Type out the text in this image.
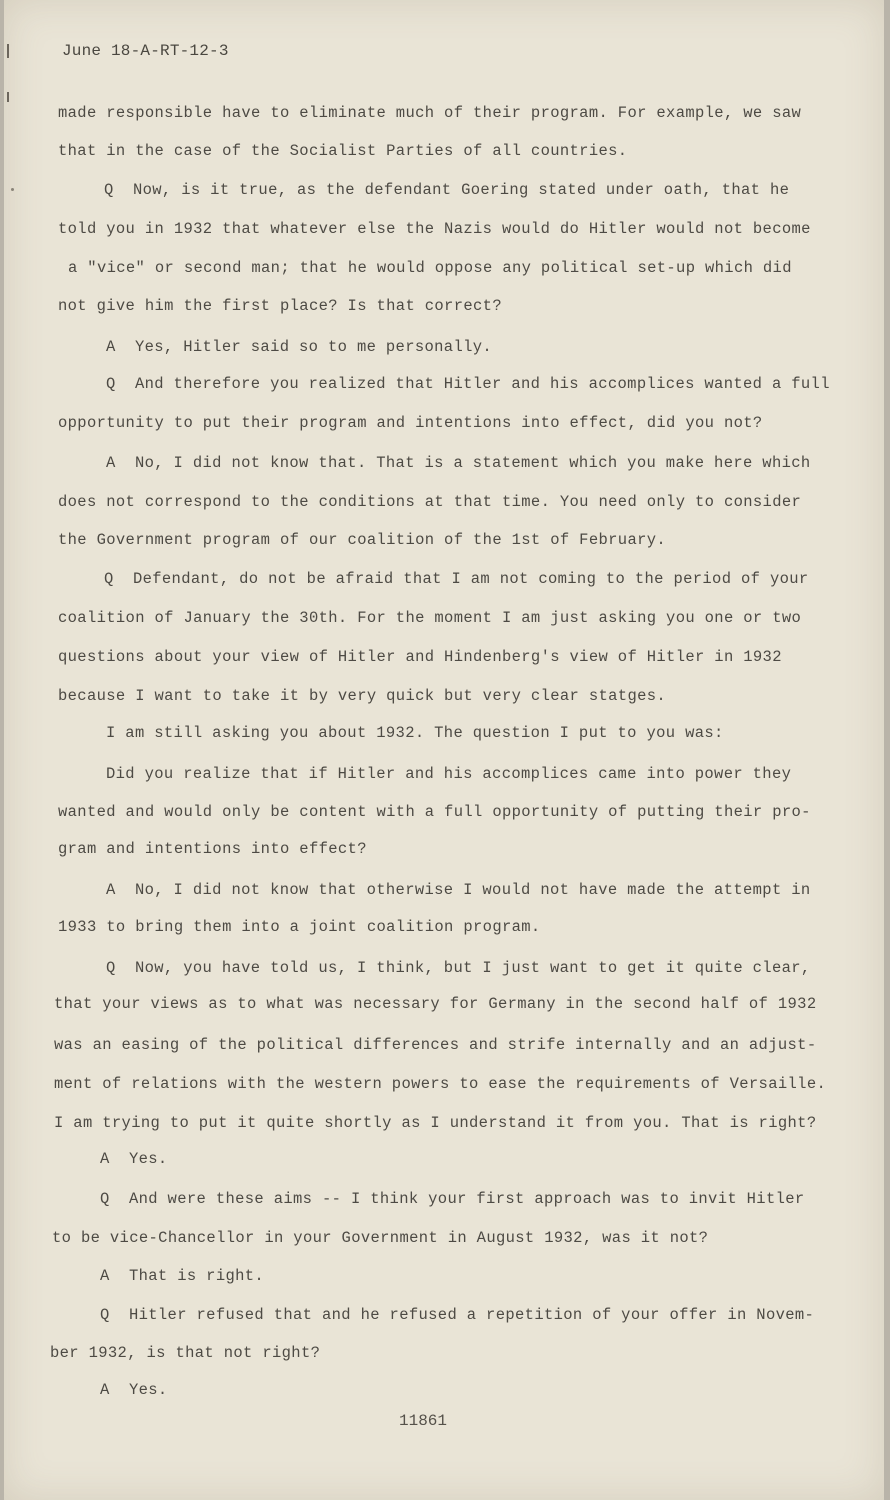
June 18-A-RT-12-3
made responsible have to eliminate much of their program. For example, we saw
that in the case of the Socialist Parties of all countries.
Q  Now, is it true, as the defendant Goering stated under oath, that he
told you in 1932 that whatever else the Nazis would do Hitler would not become
a "vice" or second man; that he would oppose any political set-up which did
not give him the first place? Is that correct?
A  Yes, Hitler said so to me personally.
Q  And therefore you realized that Hitler and his accomplices wanted a full
opportunity to put their program and intentions into effect, did you not?
A  No, I did not know that. That is a statement which you make here which
does not correspond to the conditions at that time. You need only to consider
the Government program of our coalition of the 1st of February.
Q  Defendant, do not be afraid that I am not coming to the period of your
coalition of January the 30th. For the moment I am just asking you one or two
questions about your view of Hitler and Hindenberg's view of Hitler in 1932
because I want to take it by very quick but very clear statges.
I am still asking you about 1932. The question I put to you was:
Did you realize that if Hitler and his accomplices came into power they
wanted and would only be content with a full opportunity of putting their pro-
gram and intentions into effect?
A  No, I did not know that otherwise I would not have made the attempt in
1933 to bring them into a joint coalition program.
Q  Now, you have told us, I think, but I just want to get it quite clear,
that your views as to what was necessary for Germany in the second half of 1932
was an easing of the political differences and strife internally and an adjust-
ment of relations with the western powers to ease the requirements of Versaille.
I am trying to put it quite shortly as I understand it from you. That is right?
A  Yes.
Q  And were these aims -- I think your first approach was to invit Hitler
to be vice-Chancellor in your Government in August 1932, was it not?
A  That is right.
Q  Hitler refused that and he refused a repetition of your offer in Novem-
ber 1932, is that not right?
A  Yes.
11861
